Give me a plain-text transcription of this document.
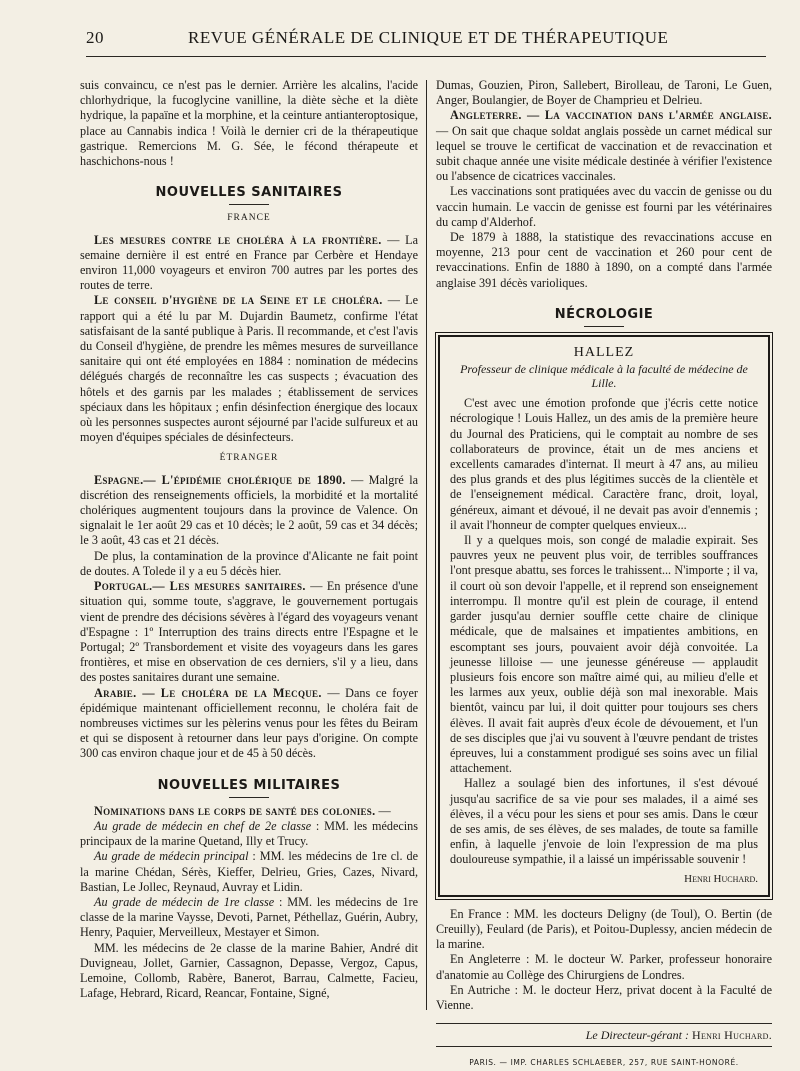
20	REVUE GÉNÉRALE DE CLINIQUE ET DE THÉRAPEUTIQUE

suis convaincu, ce n'est pas le dernier. Arrière les alcalins, l'acide chlorhydrique, la fucoglycine vanilline, la diète sèche et la diète hydrique, la papaïne et la morphine, et la ceinture antianteroptosique, place au Cannabis indica ! Voilà le dernier cri de la thérapeutique gastrique. Remercions M. G. Sée, le fécond thérapeute et haschichons-nous !

NOUVELLES SANITAIRES
FRANCE

Les mesures contre le choléra à la frontière. — La semaine dernière il est entré en France par Cerbère et Hendaye environ 11,000 voyageurs et environ 700 autres par les portes des routes de terre.

Le conseil d'hygiène de la Seine et le choléra. — Le rapport qui a été lu par M. Dujardin Baumetz, confirme l'état satisfaisant de la santé publique à Paris. Il recommande, et c'est l'avis du Conseil d'hygiène, de prendre les mêmes mesures de surveillance sanitaire qui ont été employées en 1884 : nomination de médecins délégués chargés de reconnaître les cas suspects ; évacuation des hôtels et des garnis par les malades ; établissement de services spéciaux dans les hôpitaux ; enfin désinfection énergique des locaux où les personnes suspectes auront séjourné par l'acide sulfureux et au moyen d'équipes spéciales de désinfecteurs.

ÉTRANGER

Espagne.— L'épidémie cholérique de 1890. — Malgré la discrétion des renseignements officiels, la morbidité et la mortalité cholériques augmentent toujours dans la province de Valence. On signalait le 1er août 29 cas et 10 décès; le 2 août, 59 cas et 34 décès; le 3 août, 43 cas et 21 décès.

De plus, la contamination de la province d'Alicante ne fait point de doutes. A Tolede il y a eu 5 décès hier.

Portugal.— Les mesures sanitaires. — En présence d'une situation qui, somme toute, s'aggrave, le gouvernement portugais vient de prendre des décisions sévères à l'égard des voyageurs venant d'Espagne : 1º Interruption des trains directs entre l'Espagne et le Portugal; 2º Transbordement et visite des voyageurs dans les gares frontières, et mise en observation de ces derniers, s'il y a lieu, dans des postes sanitaires durant une semaine.

Arabie. — Le choléra de la Mecque. — Dans ce foyer épidémique maintenant officiellement reconnu, le choléra fait de nombreuses victimes sur les pèlerins venus pour les fêtes du Beiram et qui se disposent à retourner dans leur pays d'origine. On compte 300 cas environ chaque jour et de 45 à 50 décès.

NOUVELLES MILITAIRES

Nominations dans le corps de santé des colonies. —

Au grade de médecin en chef de 2e classe : MM. les médecins principaux de la marine Quetand, Illy et Trucy.

Au grade de médecin principal : MM. les médecins de 1re cl. de la marine Chédan, Sérès, Kieffer, Delrieu, Gries, Cazes, Nivard, Bastian, Le Jollec, Reynaud, Auvray et Lidin.

Au grade de médecin de 1re classe : MM. les médecins de 1re classe de la marine Vaysse, Devoti, Parnet, Péthellaz, Guérin, Aubry, Henry, Paquier, Merveilleux, Mestayer et Simon.

MM. les médecins de 2e classe de la marine Bahier, André dit Duvigneau, Jollet, Garnier, Cassagnon, Depasse, Vergoz, Capus, Lemoine, Collomb, Rabère, Banerot, Barrau, Calmette, Facieu, Lafage, Hebrard, Ricard, Reancar, Fontaine, Signé,

Dumas, Gouzien, Piron, Sallebert, Birolleau, de Taroni, Le Guen, Anger, Boulangier, de Boyer de Champrieu et Delrieu.

Angleterre. — La vaccination dans l'armée anglaise. — On sait que chaque soldat anglais possède un carnet médical sur lequel se trouve le certificat de vaccination et de revaccination et subit chaque année une visite médicale destinée à vérifier l'existence ou l'absence de cicatrices vaccinales.

Les vaccinations sont pratiquées avec du vaccin de genisse ou du vaccin humain. Le vaccin de genisse est fourni par les vétérinaires du camp d'Alderhof.

De 1879 à 1888, la statistique des revaccinations accuse en moyenne, 213 pour cent de vaccination et 260 pour cent de revaccinations. Enfin de 1880 à 1890, on a compté dans l'armée anglaise 391 décès varioliques.

NÉCROLOGIE
HALLEZ
Professeur de clinique médicale à la faculté de médecine de Lille.

C'est avec une émotion profonde que j'écris cette notice nécrologique ! Louis Hallez, un des amis de la première heure du Journal des Praticiens, qui le comptait au nombre de ses collaborateurs de province, était un de mes anciens et excellents camarades d'internat. Il meurt à 47 ans, au milieu des plus grands et des plus légitimes succès de la clientèle et de l'enseignement médical. Caractère franc, droit, loyal, généreux, aimant et dévoué, il ne devait pas avoir d'ennemis ; il avait l'honneur de compter quelques envieux...

Il y a quelques mois, son congé de maladie expirait. Ses pauvres yeux ne peuvent plus voir, de terribles souffrances l'ont presque abattu, ses forces le trahissent... N'importe ; il va, il court où son devoir l'appelle, et il reprend son enseignement interrompu. Il montre qu'il est plein de courage, il entend garder jusqu'au dernier souffle cette chaire de clinique médicale, que de malsaines et impatientes ambitions, en escomptant ses jours, pouvaient avoir déjà convoitée. La jeunesse lilloise — une jeunesse généreuse — applaudit plusieurs fois encore son maître aimé qui, au milieu d'elle et les larmes aux yeux, oublie déjà son mal inexorable. Mais bientôt, vaincu par lui, il doit quitter pour toujours ses chers élèves. Il avait fait auprès d'eux école de dévouement, et l'un de ses disciples que j'ai vu souvent à l'œuvre pendant de tristes épreuves, lui a constamment prodigué ses soins avec un filial attachement.

Hallez a soulagé bien des infortunes, il s'est dévoué jusqu'au sacrifice de sa vie pour ses malades, il a aimé ses élèves, il a vécu pour les siens et pour ses amis. Dans le cœur de ses amis, de ses élèves, de ses malades, de toute sa famille enfin, à laquelle j'envoie de loin l'expression de ma plus douloureuse sympathie, il a laissé un impérissable souvenir !

Henri Huchard.

En France : MM. les docteurs Deligny (de Toul), O. Bertin (de Creuilly), Feulard (de Paris), et Poitou-Duplessy, ancien médecin de la marine.

En Angleterre : M. le docteur W. Parker, professeur honoraire d'anatomie au Collège des Chirurgiens de Londres.

En Autriche : M. le docteur Herz, privat docent à la Faculté de Vienne.

Le Directeur-gérant : Henri Huchard.
PARIS. — IMP. CHARLES SCHLAEBER, 257, RUE SAINT-HONORÉ.
